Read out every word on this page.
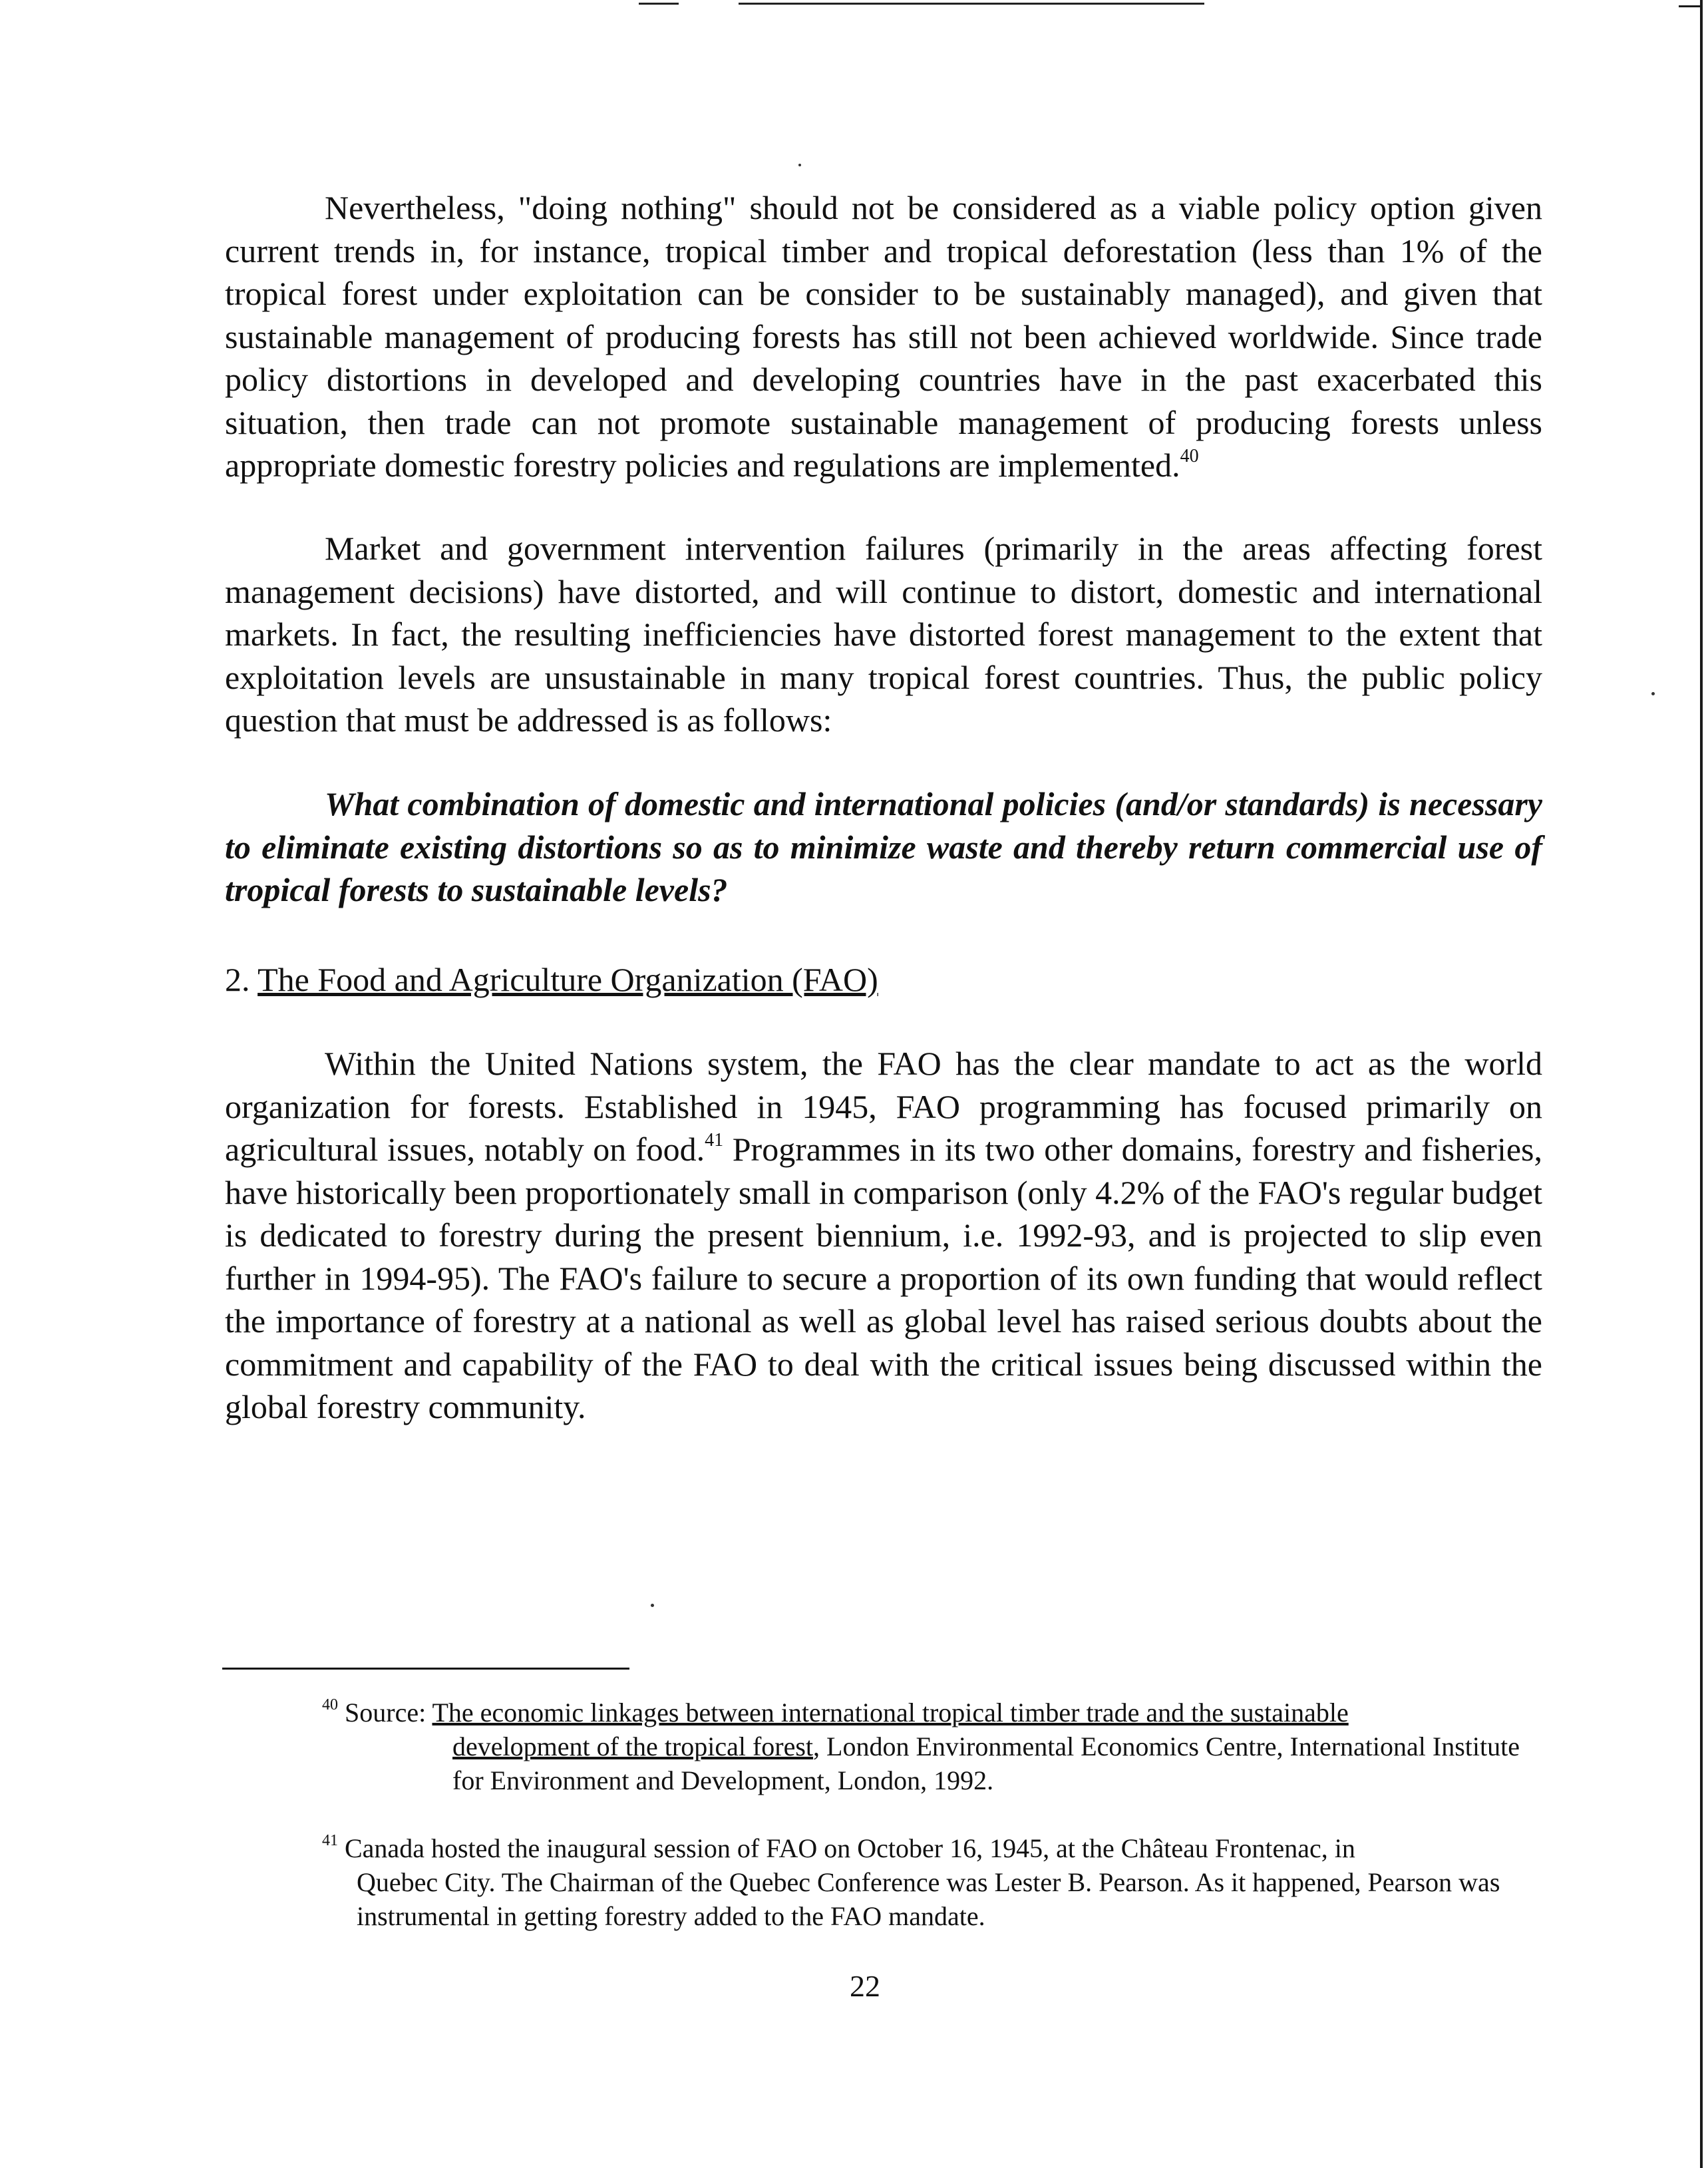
Nevertheless, "doing nothing" should not be considered as a viable policy option given current trends in, for instance, tropical timber and tropical deforestation (less than 1% of the tropical forest under exploitation can be consider to be sustainably managed), and given that sustainable management of producing forests has still not been achieved worldwide. Since trade policy distortions in developed and developing countries have in the past exacerbated this situation, then trade can not promote sustainable management of producing forests unless appropriate domestic forestry policies and regulations are implemented.$^{40}$

Market and government intervention failures (primarily in the areas affecting forest management decisions) have distorted, and will continue to distort, domestic and international markets. In fact, the resulting inefficiencies have distorted forest management to the extent that exploitation levels are unsustainable in many tropical forest countries. Thus, the public policy question that must be addressed is as follows:

What combination of domestic and international policies (and/or standards) is necessary to eliminate existing distortions so as to minimize waste and thereby return commercial use of tropical forests to sustainable levels?

2. The Food and Agriculture Organization (FAO)

Within the United Nations system, the FAO has the clear mandate to act as the world organization for forests. Established in 1945, FAO programming has focused primarily on agricultural issues, notably on food.$^{41}$ Programmes in its two other domains, forestry and fisheries, have historically been proportionately small in comparison (only 4.2% of the FAO's regular budget is dedicated to forestry during the present biennium, i.e. 1992-93, and is projected to slip even further in 1994-95). The FAO's failure to secure a proportion of its own funding that would reflect the importance of forestry at a national as well as global level has raised serious doubts about the commitment and capability of the FAO to deal with the critical issues being discussed within the global forestry community.

$^{40}$ Source: The economic linkages between international tropical timber trade and the sustainable
development of the tropical forest, London Environmental Economics Centre, International Institute for Environment and Development, London, 1992.
$^{41}$ Canada hosted the inaugural session of FAO on October 16, 1945, at the Château Frontenac, in
Quebec City. The Chairman of the Quebec Conference was Lester B. Pearson. As it happened, Pearson was instrumental in getting forestry added to the FAO mandate.

22
